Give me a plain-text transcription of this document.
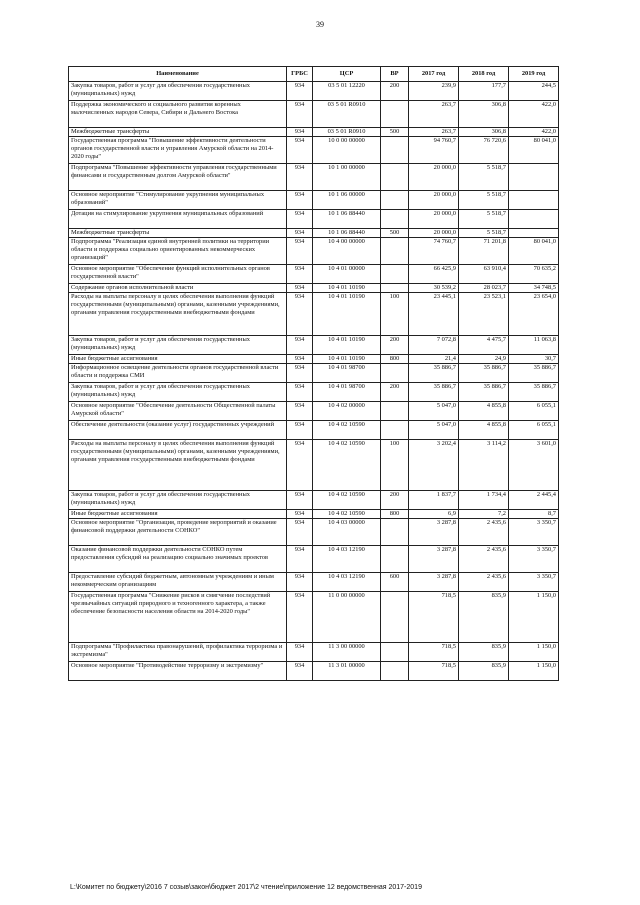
39
Наименование	ГРБС	ЦСР	ВР	2017 год	2018 год	2019 год
Закупка товаров, работ и услуг для обеспечения государственных (муниципальных) нужд	934	03 5 01 12220	200	239,9	177,7	244,5
Поддержка экономического и социального развития коренных малочисленных народов Севера, Сибири и Дальнего Востока	934	03 5 01 R0910		263,7	306,8	422,0
Межбюджетные трансферты	934	03 5 01 R0910	500	263,7	306,8	422,0
Государственная программа "Повышение эффективности деятельности органов государственной власти и управления Амурской области на 2014-2020 годы"	934	10 0 00 00000		94 760,7	76 720,6	80 041,0
Подпрограмма "Повышение эффективности управления государственными финансами и государственным долгом Амурской области"	934	10 1 00 00000		20 000,0	5 518,7	
Основное мероприятие "Стимулирование укрупнения муниципальных образований"	934	10 1 06 00000		20 000,0	5 518,7	
Дотация на стимулирование укрупнения муниципальных образований	934	10 1 06 88440		20 000,0	5 518,7	
Межбюджетные трансферты	934	10 1 06 88440	500	20 000,0	5 518,7	
Подпрограмма "Реализация единой внутренней политики на территории области и поддержка социально ориентированных некоммерческих организаций"	934	10 4 00 00000		74 760,7	71 201,8	80 041,0
Основное мероприятие "Обеспечение функций исполнительных органов государственной власти"	934	10 4 01 00000		66 425,9	63 910,4	70 635,2
Содержание органов исполнительной власти	934	10 4 01 10190		30 539,2	28 023,7	34 748,5
Расходы на выплаты персоналу в целях обеспечения выполнения функций государственными (муниципальными) органами, казенными учреждениями, органами управления государственными внебюджетными фондами	934	10 4 01 10190	100	23 445,1	23 523,1	23 654,0
Закупка товаров, работ и услуг для обеспечения государственных (муниципальных) нужд	934	10 4 01 10190	200	7 072,8	4 475,7	11 063,8
Иные бюджетные ассигнования	934	10 4 01 10190	800	21,4	24,9	30,7
Информационное освещение деятельности органов государственной власти области и поддержка СМИ	934	10 4 01 98700		35 886,7	35 886,7	35 886,7
Закупка товаров, работ и услуг для обеспечения государственных (муниципальных) нужд	934	10 4 01 98700	200	35 886,7	35 886,7	35 886,7
Основное мероприятие "Обеспечение деятельности Общественной палаты Амурской области"	934	10 4 02 00000		5 047,0	4 855,8	6 055,1
Обеспечение деятельности (оказание услуг) государственных учреждений	934	10 4 02 10590		5 047,0	4 855,8	6 055,1
Расходы на выплаты персоналу в целях обеспечения выполнения функций государственными (муниципальными) органами, казенными учреждениями, органами управления государственными внебюджетными фондами	934	10 4 02 10590	100	3 202,4	3 114,2	3 601,0
Закупка товаров, работ и услуг для обеспечения государственных (муниципальных) нужд	934	10 4 02 10590	200	1 837,7	1 734,4	2 445,4
Иные бюджетные ассигнования	934	10 4 02 10590	800	6,9	7,2	8,7
Основное мероприятие "Организация, проведение мероприятий и оказание финансовой поддержки деятельности СОНКО"	934	10 4 03 00000		3 287,8	2 435,6	3 350,7
Оказание финансовой поддержки деятельности СОНКО путем предоставления субсидий на реализацию социально значимых проектов	934	10 4 03 12190		3 287,8	2 435,6	3 350,7
Предоставление субсидий бюджетным, автономным учреждениям и иным некоммерческим организациям	934	10 4 03 12190	600	3 287,8	2 435,6	3 350,7
Государственная программа "Снижение рисков и смягчение последствий чрезвычайных ситуаций природного и техногенного характера, а также обеспечение безопасности населения области на 2014-2020 годы"	934	11 0 00 00000		718,5	835,9	1 150,0
Подпрограмма "Профилактика правонарушений, профилактика терроризма и экстремизма"	934	11 3 00 00000		718,5	835,9	1 150,0
Основное мероприятие "Противодействие терроризму и экстремизму"	934	11 3 01 00000		718,5	835,9	1 150,0
L:\Комитет по бюджету\2016 7 созыв\закон\бюджет 2017\2 чтение\приложение 12 ведомственная 2017-2019
